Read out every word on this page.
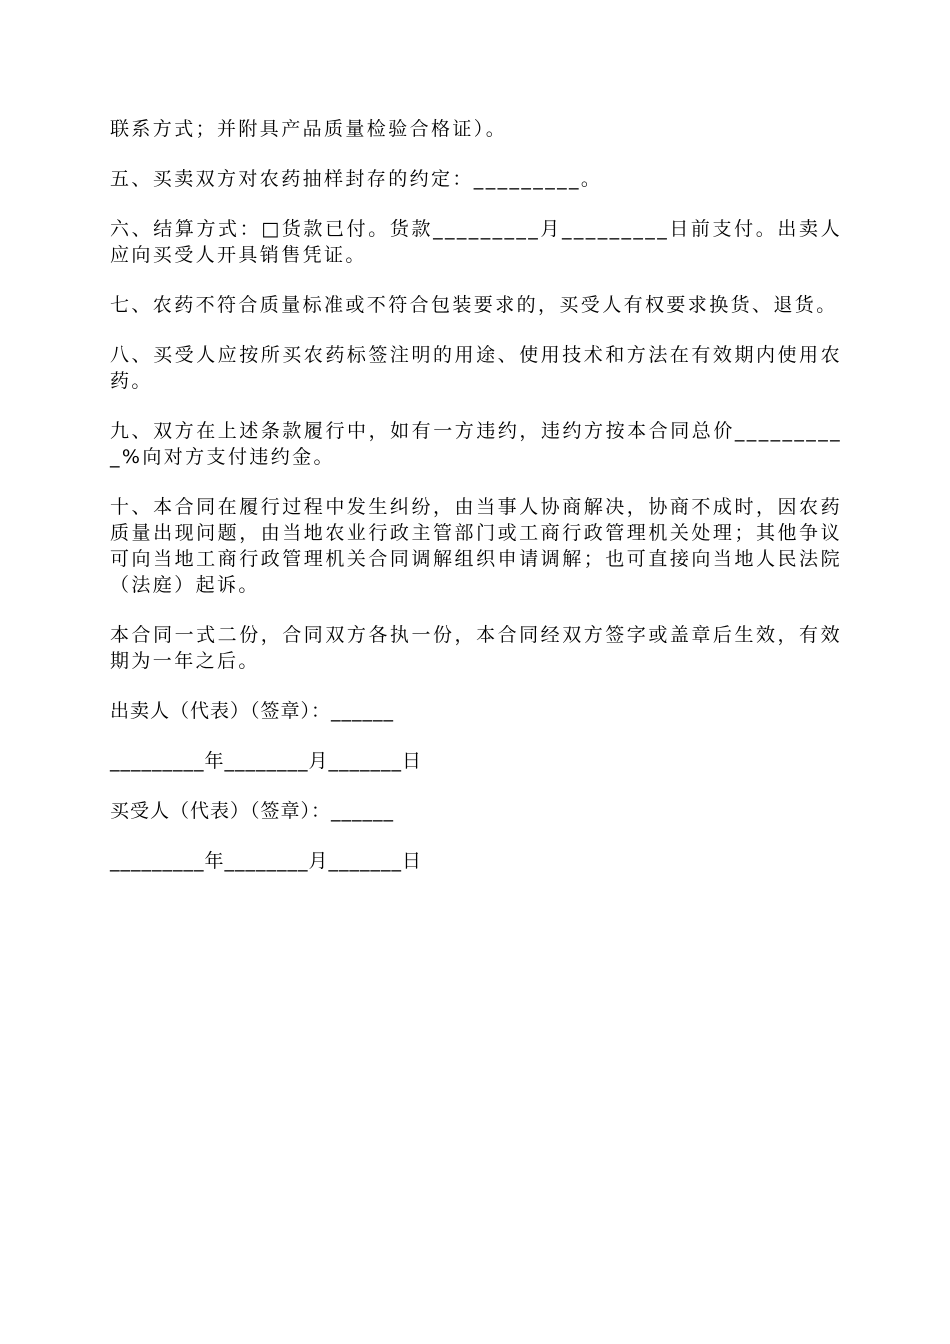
联系方式；并附具产品质量检验合格证）。

五、买卖双方对农药抽样封存的约定：_________。

六、结算方式：□货款已付。货款_________月_________日前支付。出卖人应向买受人开具销售凭证。

七、农药不符合质量标准或不符合包装要求的，买受人有权要求换货、退货。

八、买受人应按所买农药标签注明的用途、使用技术和方法在有效期内使用农药。

九、双方在上述条款履行中，如有一方违约，违约方按本合同总价__________%向对方支付违约金。

十、本合同在履行过程中发生纠纷，由当事人协商解决，协商不成时，因农药质量出现问题，由当地农业行政主管部门或工商行政管理机关处理；其他争议可向当地工商行政管理机关合同调解组织申请调解；也可直接向当地人民法院（法庭）起诉。

本合同一式二份，合同双方各执一份，本合同经双方签字或盖章后生效，有效期为一年之后。

出卖人（代表）（签章）：______

_________年________月_______日

买受人（代表）（签章）：______

_________年________月_______日
